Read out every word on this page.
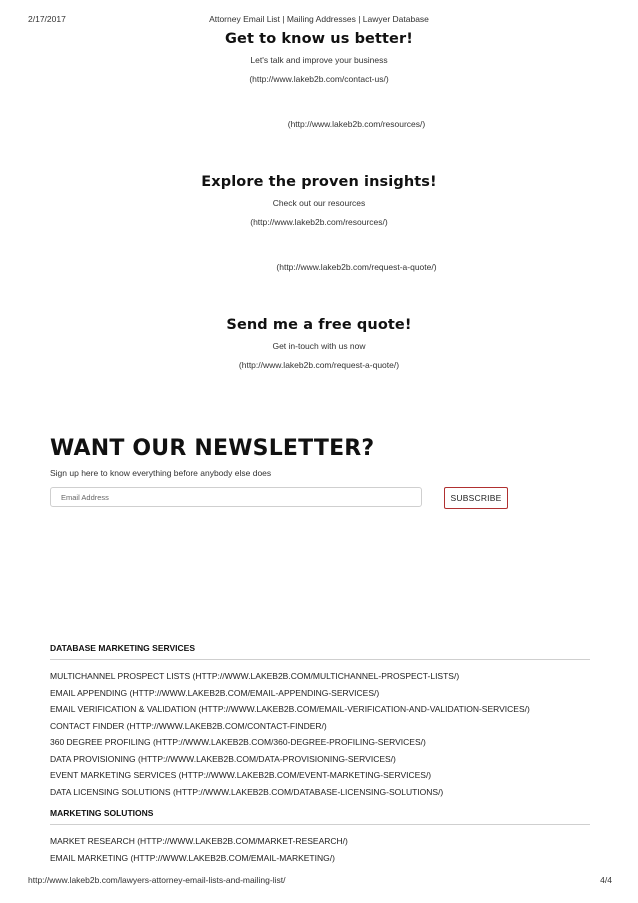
2/17/2017	Attorney Email List | Mailing Addresses | Lawyer Database
Get to know us better!
Let's talk and improve your business
(http://www.lakeb2b.com/contact-us/)
(http://www.lakeb2b.com/resources/)
Explore the proven insights!
Check out our resources
(http://www.lakeb2b.com/resources/)
(http://www.lakeb2b.com/request-a-quote/)
Send me a free quote!
Get in-touch with us now
(http://www.lakeb2b.com/request-a-quote/)
WANT OUR NEWSLETTER?
Sign up here to know everything before anybody else does
Email Address	SUBSCRIBE
DATABASE MARKETING SERVICES
MULTICHANNEL PROSPECT LISTS (HTTP://WWW.LAKEB2B.COM/MULTICHANNEL-PROSPECT-LISTS/)
EMAIL APPENDING (HTTP://WWW.LAKEB2B.COM/EMAIL-APPENDING-SERVICES/)
EMAIL VERIFICATION & VALIDATION (HTTP://WWW.LAKEB2B.COM/EMAIL-VERIFICATION-AND-VALIDATION-SERVICES/)
CONTACT FINDER (HTTP://WWW.LAKEB2B.COM/CONTACT-FINDER/)
360 DEGREE PROFILING (HTTP://WWW.LAKEB2B.COM/360-DEGREE-PROFILING-SERVICES/)
DATA PROVISIONING (HTTP://WWW.LAKEB2B.COM/DATA-PROVISIONING-SERVICES/)
EVENT MARKETING SERVICES (HTTP://WWW.LAKEB2B.COM/EVENT-MARKETING-SERVICES/)
DATA LICENSING SOLUTIONS (HTTP://WWW.LAKEB2B.COM/DATABASE-LICENSING-SOLUTIONS/)
MARKETING SOLUTIONS
MARKET RESEARCH (HTTP://WWW.LAKEB2B.COM/MARKET-RESEARCH/)
EMAIL MARKETING (HTTP://WWW.LAKEB2B.COM/EMAIL-MARKETING/)
http://www.lakeb2b.com/lawyers-attorney-email-lists-and-mailing-list/	4/4
